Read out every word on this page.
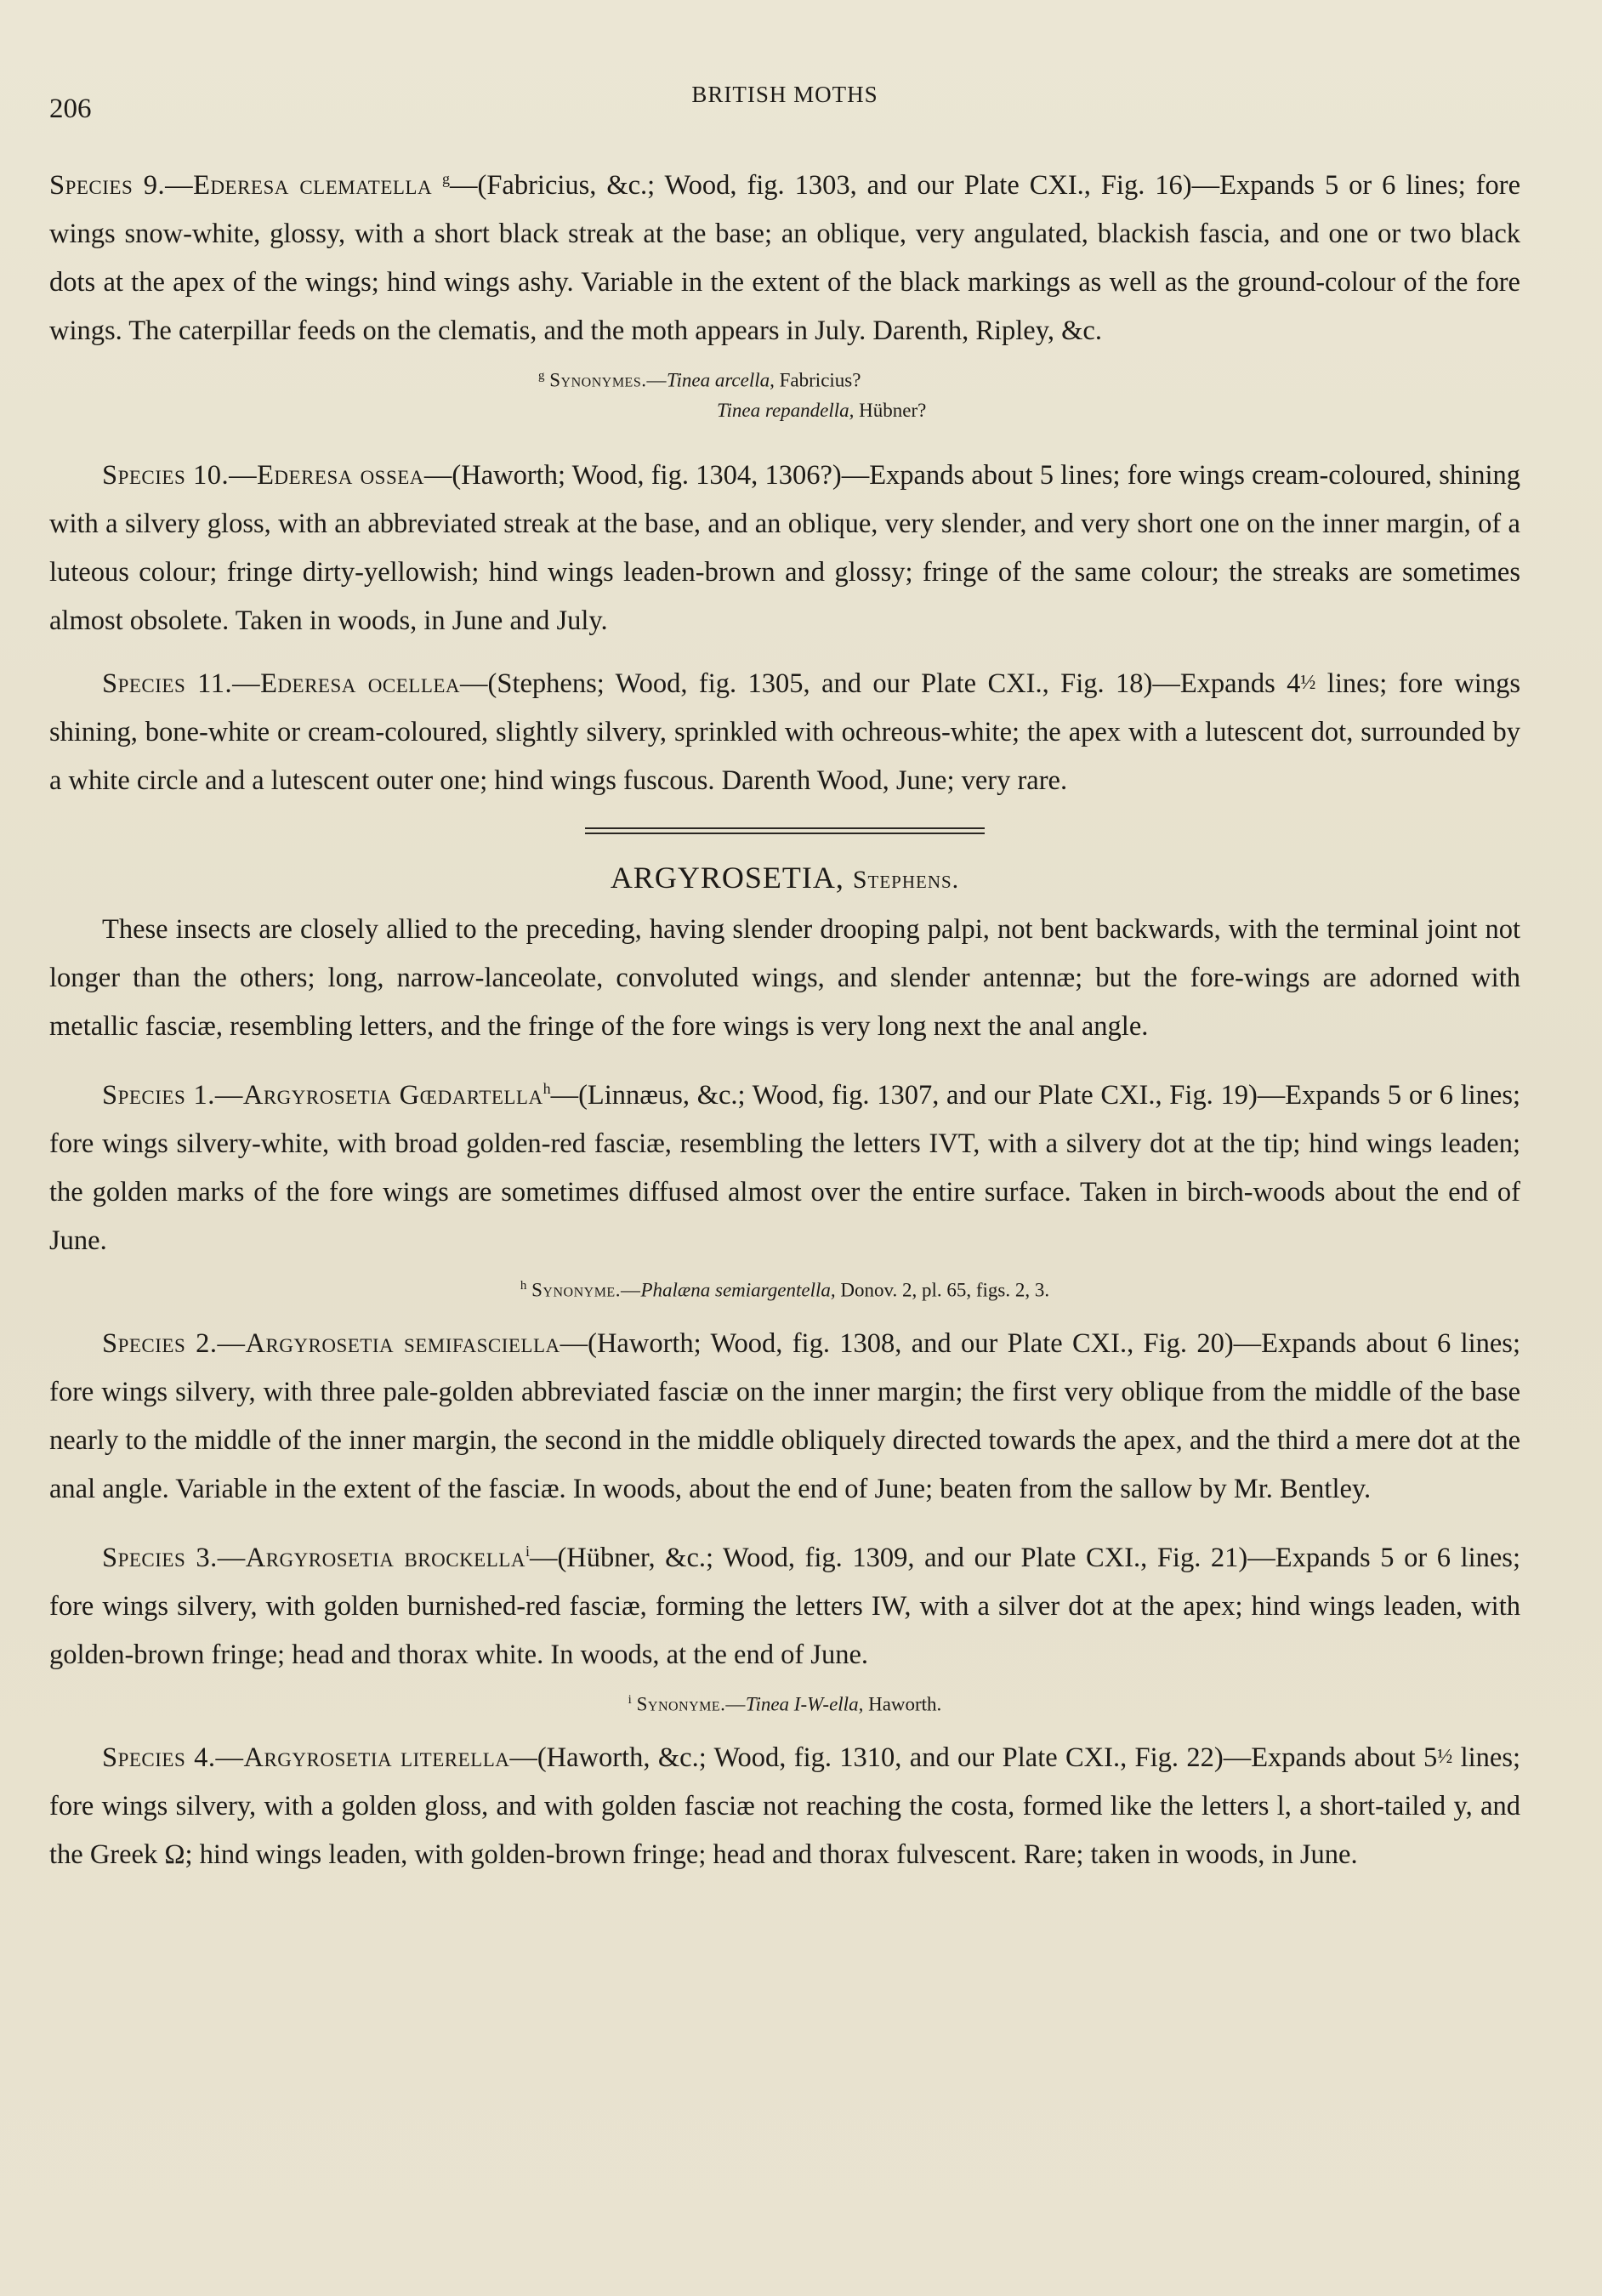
206	BRITISH MOTHS

Species 9.—Ederesa clematella $^g$—(Fabricius, &c.; Wood, fig. 1303, and our Plate CXI., Fig. 16)—Expands 5 or 6 lines; fore wings snow-white, glossy, with a short black streak at the base; an oblique, very angulated, blackish fascia, and one or two black dots at the apex of the wings; hind wings ashy. Variable in the extent of the black markings as well as the ground-colour of the fore wings. The caterpillar feeds on the clematis, and the moth appears in July. Darenth, Ripley, &c.

$^g$ Synonymes.—Tinea arcella, Fabricius?
Tinea repandella, Hübner?

Species 10.—Ederesa ossea—(Haworth; Wood, fig. 1304, 1306?)—Expands about 5 lines; fore wings cream-coloured, shining with a silvery gloss, with an abbreviated streak at the base, and an oblique, very slender, and very short one on the inner margin, of a luteous colour; fringe dirty-yellowish; hind wings leaden-brown and glossy; fringe of the same colour; the streaks are sometimes almost obsolete. Taken in woods, in June and July.

Species 11.—Ederesa ocellea—(Stephens; Wood, fig. 1305, and our Plate CXI., Fig. 18)—Expands 4½ lines; fore wings shining, bone-white or cream-coloured, slightly silvery, sprinkled with ochreous-white; the apex with a lutescent dot, surrounded by a white circle and a lutescent outer one; hind wings fuscous. Darenth Wood, June; very rare.

ARGYROSETIA, Stephens.

These insects are closely allied to the preceding, having slender drooping palpi, not bent backwards, with the terminal joint not longer than the others; long, narrow-lanceolate, convoluted wings, and slender antennæ; but the fore-wings are adorned with metallic fasciæ, resembling letters, and the fringe of the fore wings is very long next the anal angle.

Species 1.—Argyrosetia Gœdartella$^h$—(Linnæus, &c.; Wood, fig. 1307, and our Plate CXI., Fig. 19)—Expands 5 or 6 lines; fore wings silvery-white, with broad golden-red fasciæ, resembling the letters IVT, with a silvery dot at the tip; hind wings leaden; the golden marks of the fore wings are sometimes diffused almost over the entire surface. Taken in birch-woods about the end of June.

$^h$ Synonyme.—Phalæna semiargentella, Donov. 2, pl. 65, figs. 2, 3.

Species 2.—Argyrosetia semifasciella—(Haworth; Wood, fig. 1308, and our Plate CXI., Fig. 20)—Expands about 6 lines; fore wings silvery, with three pale-golden abbreviated fasciæ on the inner margin; the first very oblique from the middle of the base nearly to the middle of the inner margin, the second in the middle obliquely directed towards the apex, and the third a mere dot at the anal angle. Variable in the extent of the fasciæ. In woods, about the end of June; beaten from the sallow by Mr. Bentley.

Species 3.—Argyrosetia brockella$^i$—(Hübner, &c.; Wood, fig. 1309, and our Plate CXI., Fig. 21)—Expands 5 or 6 lines; fore wings silvery, with golden burnished-red fasciæ, forming the letters IW, with a silver dot at the apex; hind wings leaden, with golden-brown fringe; head and thorax white. In woods, at the end of June.

$^i$ Synonyme.—Tinea I-W-ella, Haworth.

Species 4.—Argyrosetia literella—(Haworth, &c.; Wood, fig. 1310, and our Plate CXI., Fig. 22)—Expands about 5½ lines; fore wings silvery, with a golden gloss, and with golden fasciæ not reaching the costa, formed like the letters l, a short-tailed y, and the Greek Ω; hind wings leaden, with golden-brown fringe; head and thorax fulvescent. Rare; taken in woods, in June.
